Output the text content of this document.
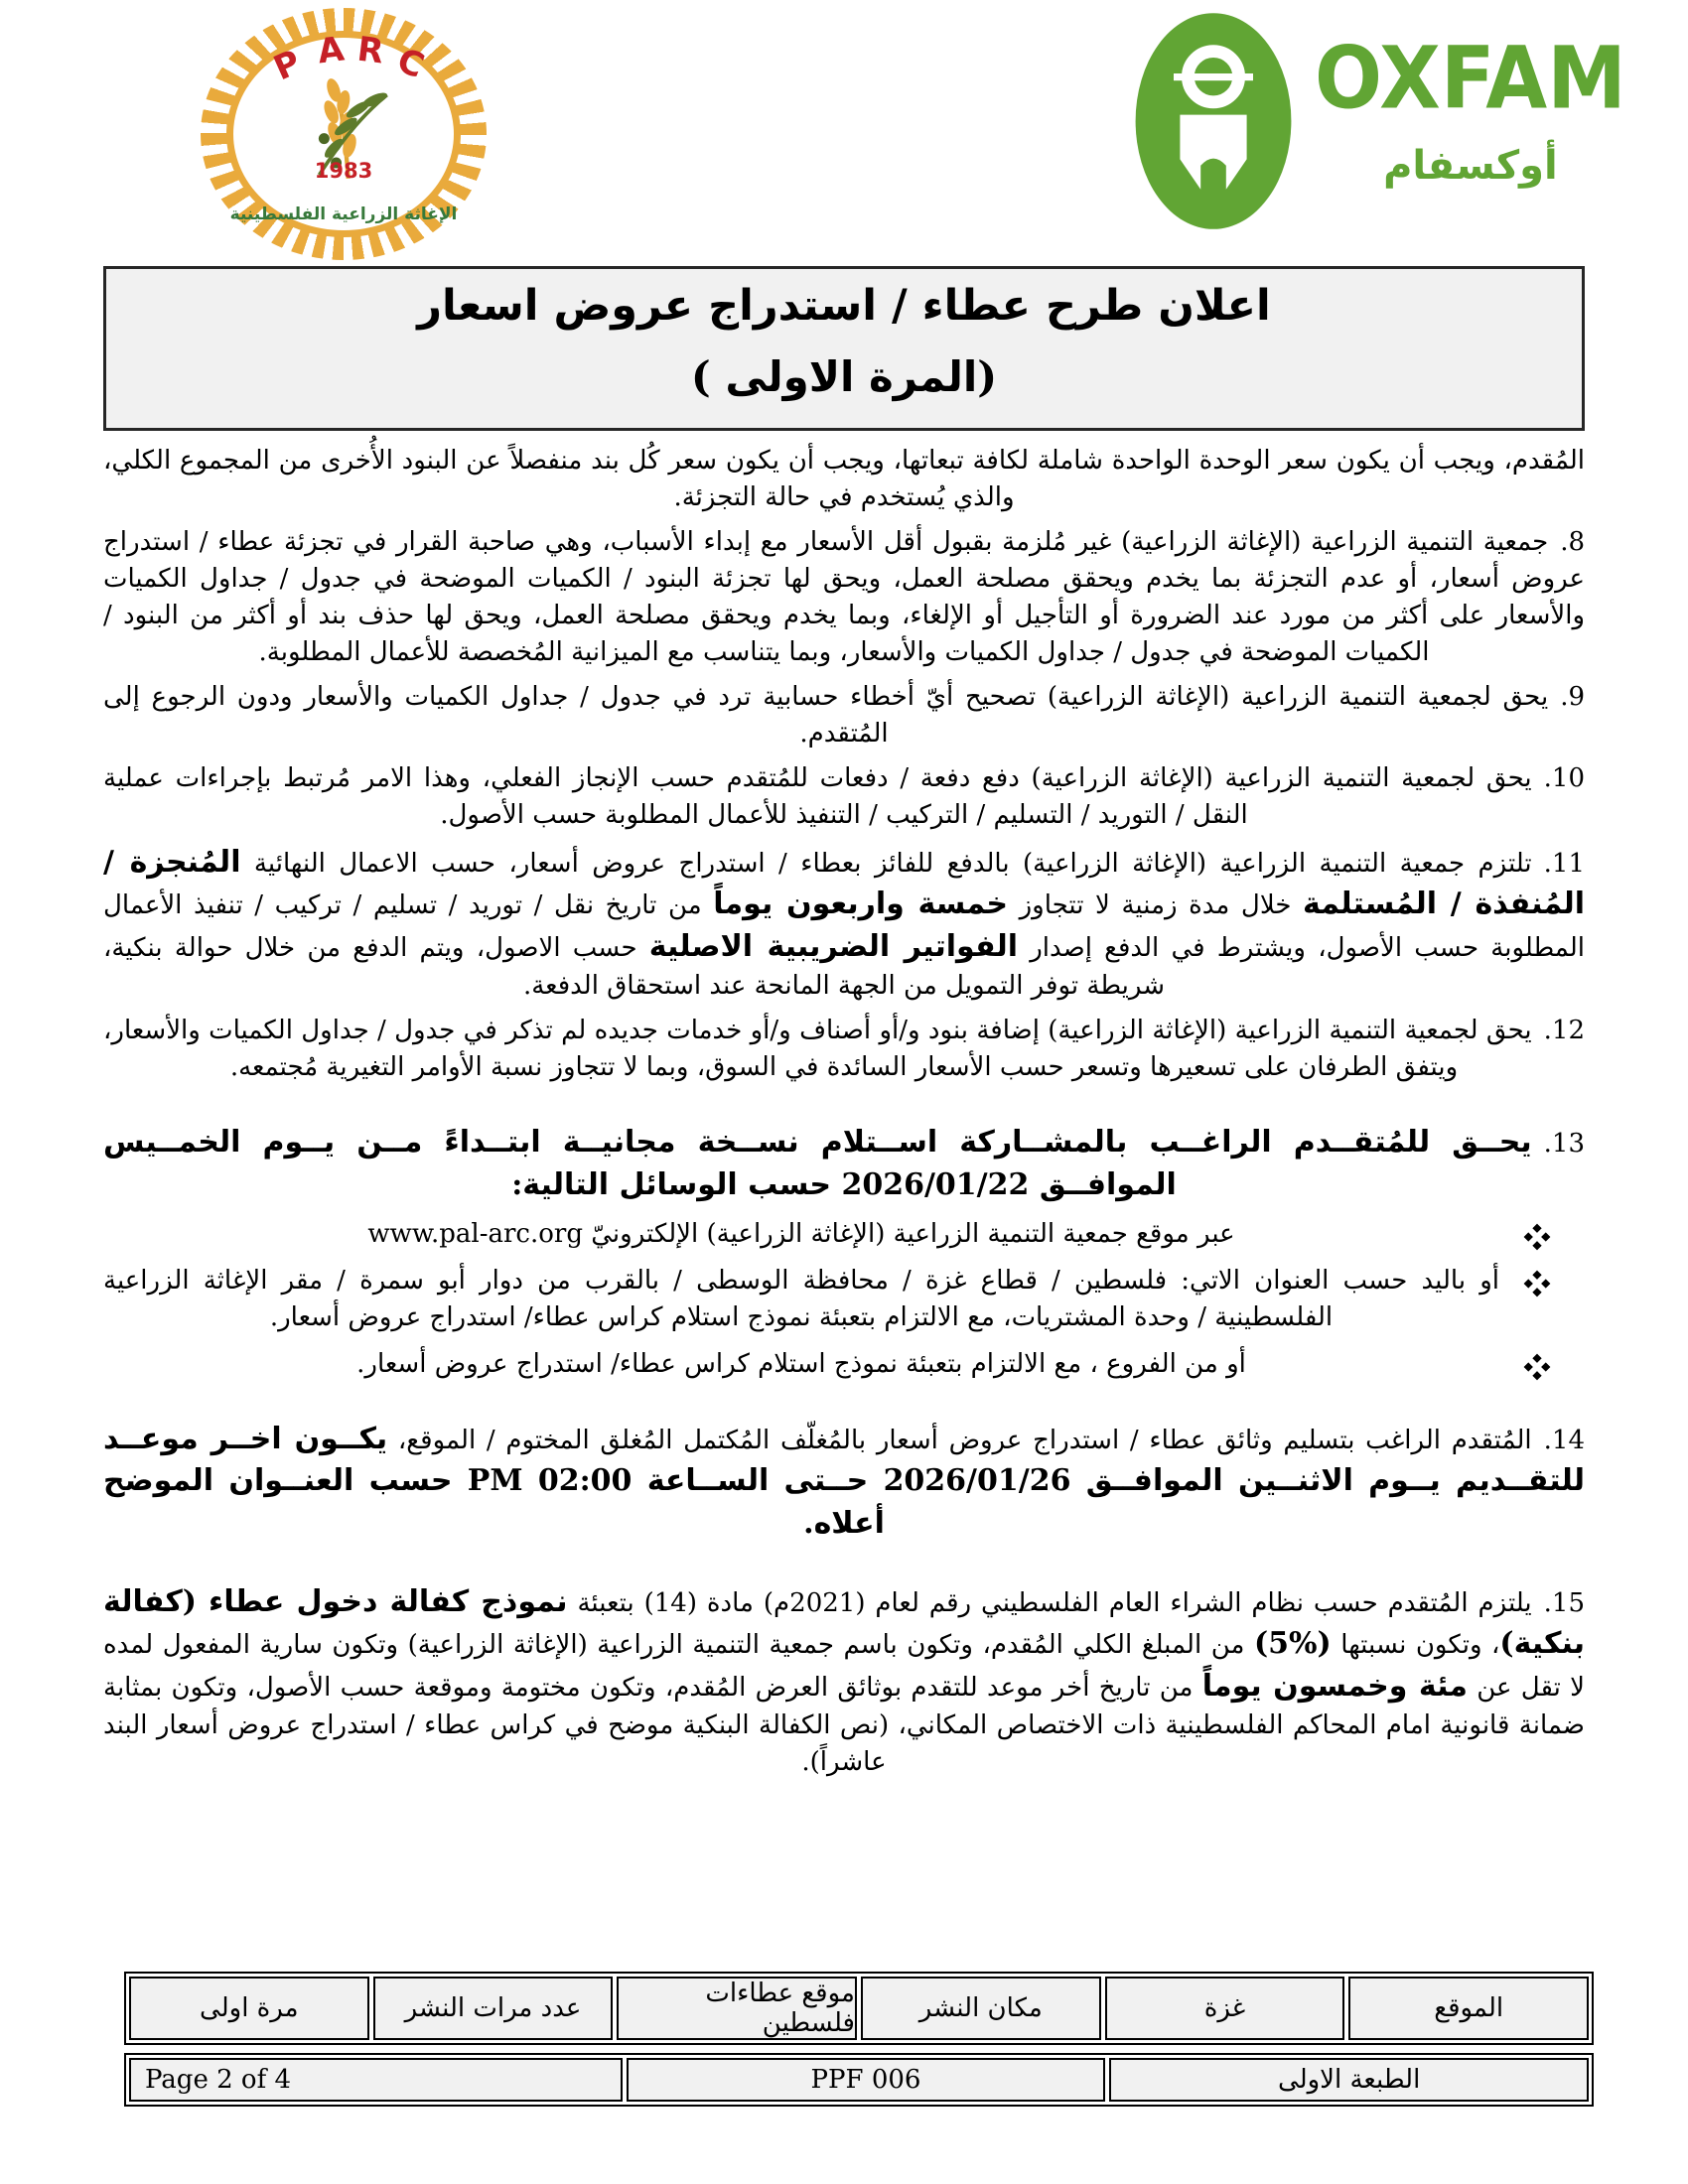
P A R C
1983
الإغاثة الزراعية الفلسطينية
OXFAM
أوكسفام
اعلان طرح عطاء / استدراج عروض اسعار
(المرة الاولى )

المُقدم، ويجب أن يكون سعر الوحدة الواحدة شاملة لكافة تبعاتها، ويجب أن يكون سعر كُل بند منفصلاً عن البنود الأُخرى من المجموع الكلي، والذي يُستخدم في حالة التجزئة.

8.جمعية التنمية الزراعية (الإغاثة الزراعية) غير مُلزمة بقبول أقل الأسعار مع إبداء الأسباب، وهي صاحبة القرار في تجزئة عطاء / استدراج عروض أسعار، أو عدم التجزئة بما يخدم ويحقق مصلحة العمل، ويحق لها تجزئة البنود / الكميات الموضحة في جدول / جداول الكميات والأسعار على أكثر من مورد عند الضرورة أو التأجيل أو الإلغاء، وبما يخدم ويحقق مصلحة العمل، ويحق لها حذف بند أو أكثر من البنود / الكميات الموضحة في جدول / جداول الكميات والأسعار، وبما يتناسب مع الميزانية المُخصصة للأعمال المطلوبة.

9.يحق لجمعية التنمية الزراعية (الإغاثة الزراعية) تصحيح أيّ أخطاء حسابية ترد في جدول / جداول الكميات والأسعار ودون الرجوع إلى المُتقدم.

10.يحق لجمعية التنمية الزراعية (الإغاثة الزراعية) دفع دفعة / دفعات للمُتقدم حسب الإنجاز الفعلي، وهذا الامر مُرتبط بإجراءات عملية النقل / التوريد / التسليم / التركيب / التنفيذ للأعمال المطلوبة حسب الأصول.

11.تلتزم جمعية التنمية الزراعية (الإغاثة الزراعية) بالدفع للفائز بعطاء / استدراج عروض أسعار، حسب الاعمال النهائية المُنجزة / المُنفذة / المُستلمة خلال مدة زمنية لا تتجاوز خمسة واربعون يوماً من تاريخ نقل / توريد / تسليم / تركيب / تنفيذ الأعمال المطلوبة حسب الأصول، ويشترط في الدفع إصدار الفواتير الضريبية الاصلية حسب الاصول، ويتم الدفع من خلال حوالة بنكية، شريطة توفر التمويل من الجهة المانحة عند استحقاق الدفعة.

12.يحق لجمعية التنمية الزراعية (الإغاثة الزراعية) إضافة بنود و/أو أصناف و/أو خدمات جديده لم تذكر في جدول / جداول الكميات والأسعار، ويتفق الطرفان على تسعيرها وتسعر حسب الأسعار السائدة في السوق، وبما لا تتجاوز نسبة الأوامر التغيرية مُجتمعه.

13.يحــق للمُتقــدم الراغــب بالمشــاركة اســتلام نســخة مجانيــة ابتــداءً مــن يــوم الخمــيس الموافــق 2026/01/22 حسب الوسائل التالية:

عبر موقع جمعية التنمية الزراعية (الإغاثة الزراعية) الإلكترونيّ www.pal-arc.org

أو باليد حسب العنوان الاتي: فلسطين / قطاع غزة / محافظة الوسطى / بالقرب من دوار أبو سمرة / مقر الإغاثة الزراعية الفلسطينية / وحدة المشتريات، مع الالتزام بتعبئة نموذج استلام كراس عطاء/ استدراج عروض أسعار.

أو من الفروع ، مع الالتزام بتعبئة نموذج استلام كراس عطاء/ استدراج عروض أسعار.

14.المُتقدم الراغب بتسليم وثائق عطاء / استدراج عروض أسعار بالمُغلّف المُكتمل المُغلق المختوم / الموقع، يكــون اخــر موعــد للتقــديم يــوم الاثنــين الموافــق 2026/01/26 حــتى الســاعة 02:00 PM حسب العنــوان الموضح أعلاه.

15.يلتزم المُتقدم حسب نظام الشراء العام الفلسطيني رقم لعام (2021م) مادة (14) بتعبئة نموذج كفالة دخول عطاء (كفالة بنكية)، وتكون نسبتها (%5) من المبلغ الكلي المُقدم، وتكون باسم جمعية التنمية الزراعية (الإغاثة الزراعية) وتكون سارية المفعول لمده لا تقل عن مئة وخمسون يوماً من تاريخ أخر موعد للتقدم بوثائق العرض المُقدم، وتكون مختومة وموقعة حسب الأصول، وتكون بمثابة ضمانة قانونية امام المحاكم الفلسطينية ذات الاختصاص المكاني، (نص الكفالة البنكية موضح في كراس عطاء / استدراج عروض أسعار البند عاشراً).

الموقع
غزة
مكان النشر
موقع عطاءات فلسطين
عدد مرات النشر
مرة اولى
الطبعة الاولى
PPF 006
Page 2 of 4
